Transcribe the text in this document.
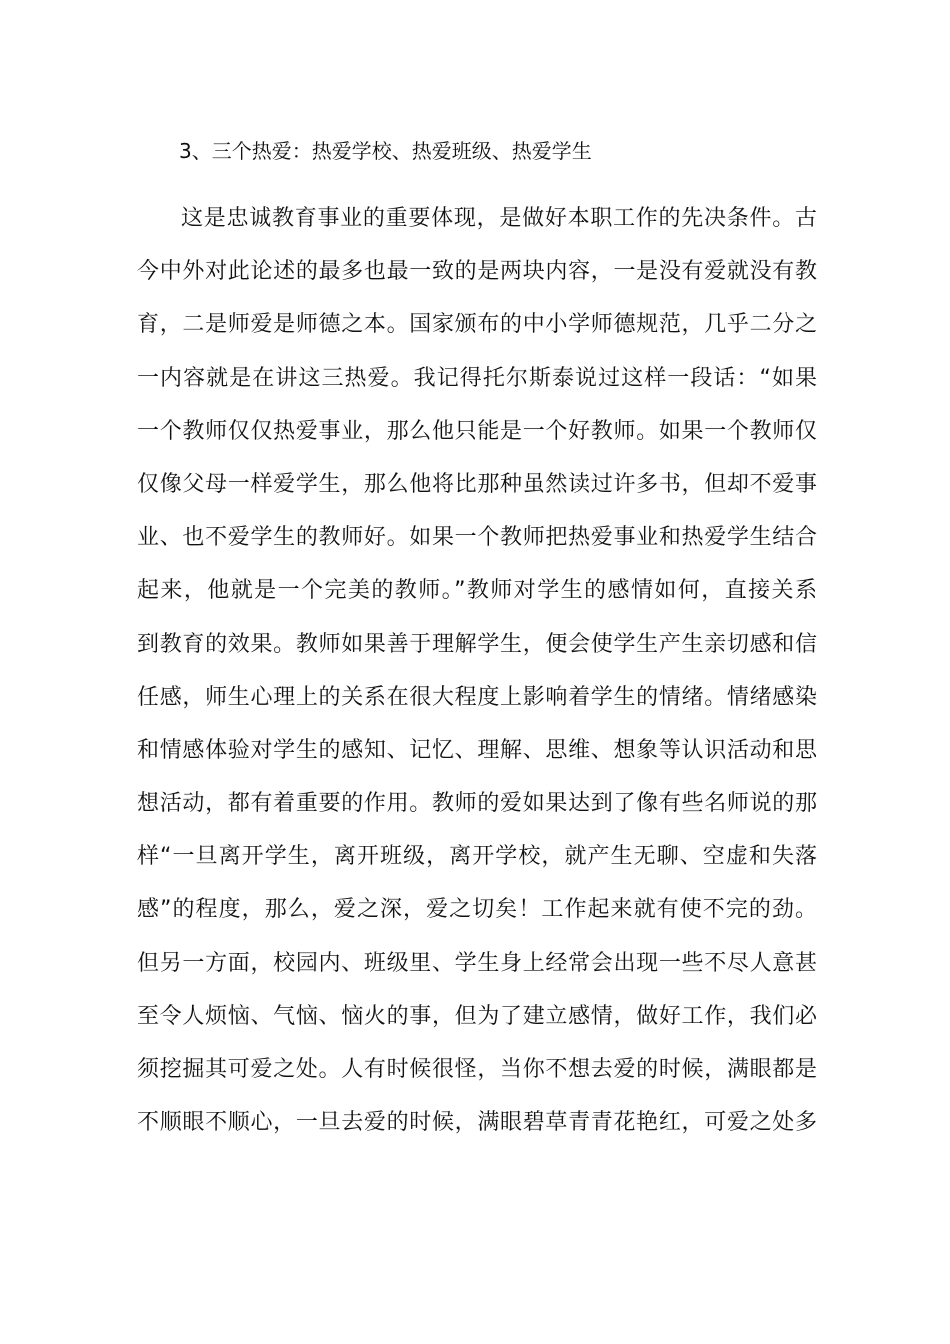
3、三个热爱：热爱学校、热爱班级、热爱学生
这是忠诚教育事业的重要体现，是做好本职工作的先决条件。古
今中外对此论述的最多也最一致的是两块内容，一是没有爱就没有教
育，二是师爱是师德之本。国家颁布的中小学师德规范，几乎二分之
一内容就是在讲这三热爱。我记得托尔斯泰说过这样一段话：“如果
一个教师仅仅热爱事业，那么他只能是一个好教师。如果一个教师仅
仅像父母一样爱学生，那么他将比那种虽然读过许多书，但却不爱事
业、也不爱学生的教师好。如果一个教师把热爱事业和热爱学生结合
起来，他就是一个完美的教师。”教师对学生的感情如何，直接关系
到教育的效果。教师如果善于理解学生，便会使学生产生亲切感和信
任感，师生心理上的关系在很大程度上影响着学生的情绪。情绪感染
和情感体验对学生的感知、记忆、理解、思维、想象等认识活动和思
想活动，都有着重要的作用。教师的爱如果达到了像有些名师说的那
样“一旦离开学生，离开班级，离开学校，就产生无聊、空虚和失落
感”的程度，那么，爱之深，爱之切矣！工作起来就有使不完的劲。
但另一方面，校园内、班级里、学生身上经常会出现一些不尽人意甚
至令人烦恼、气恼、恼火的事，但为了建立感情，做好工作，我们必
须挖掘其可爱之处。人有时候很怪，当你不想去爱的时候，满眼都是
不顺眼不顺心，一旦去爱的时候，满眼碧草青青花艳红，可爱之处多
